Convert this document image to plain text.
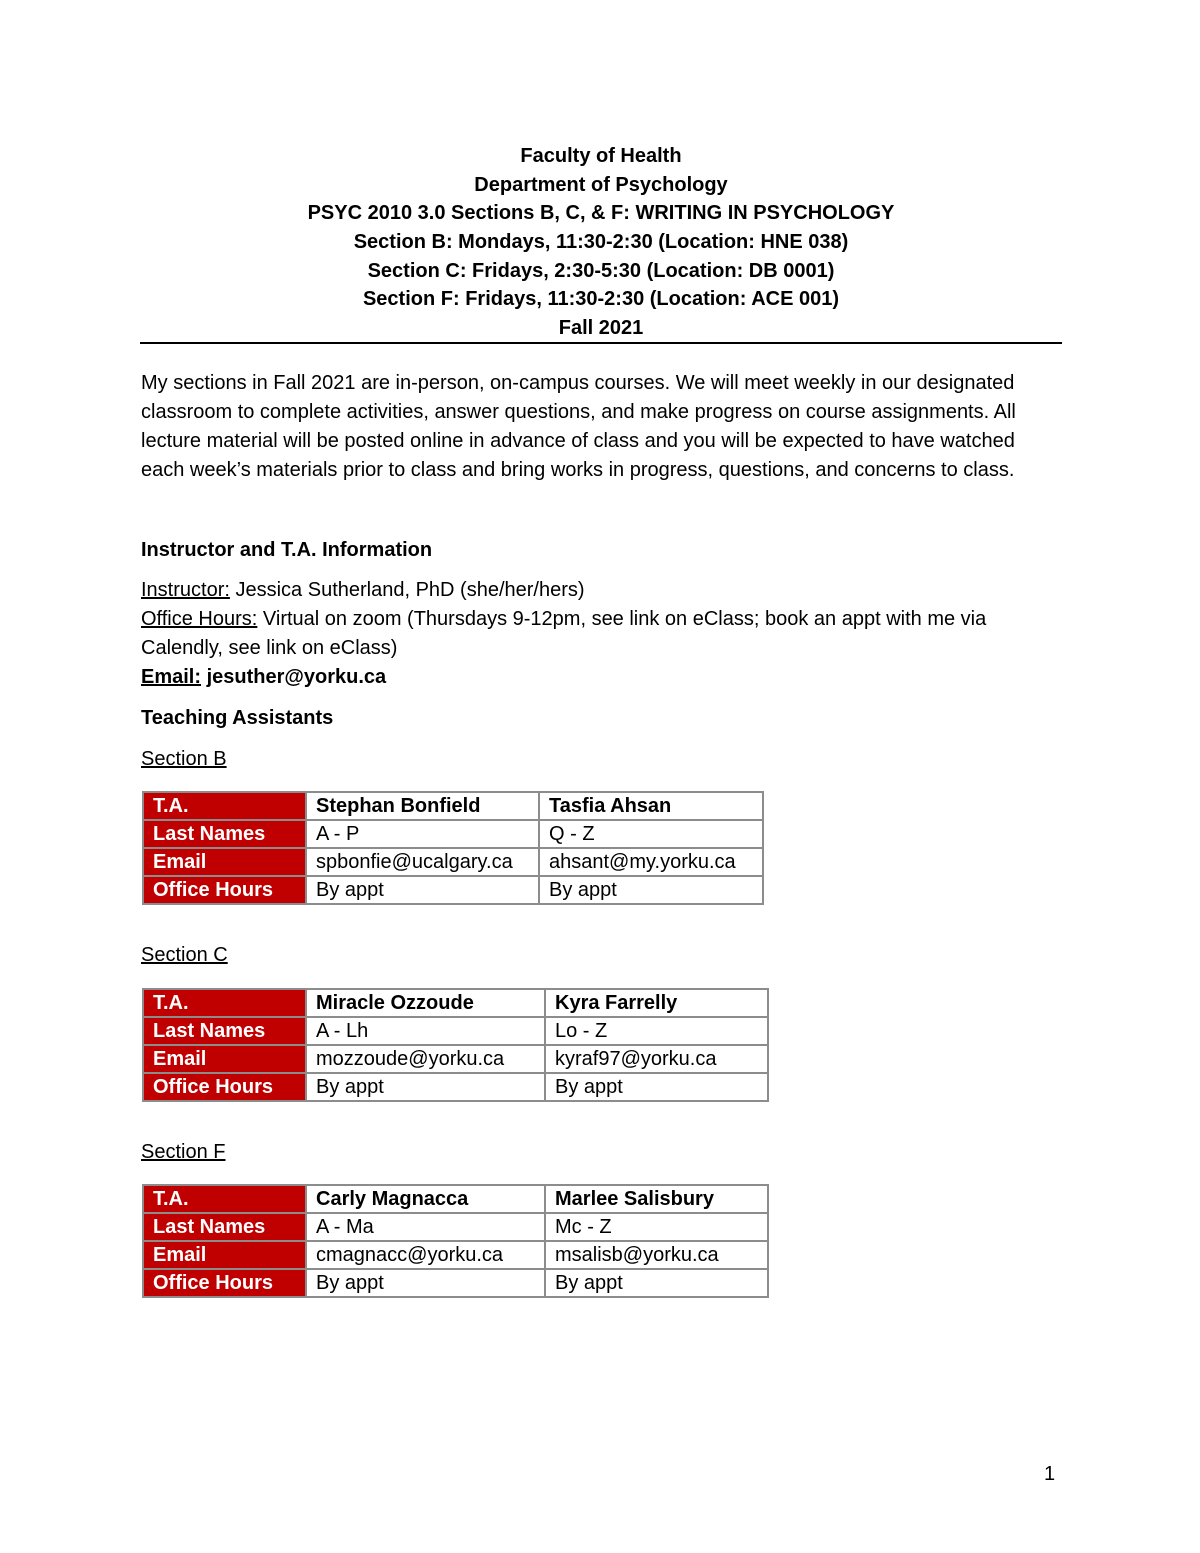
Faculty of Health
Department of Psychology
PSYC 2010 3.0 Sections B, C, & F: WRITING IN PSYCHOLOGY
Section B: Mondays, 11:30-2:30 (Location: HNE 038)
Section C: Fridays, 2:30-5:30 (Location: DB 0001)
Section F: Fridays, 11:30-2:30 (Location: ACE 001)
Fall 2021

My sections in Fall 2021 are in-person, on-campus courses. We will meet weekly in our designated classroom to complete activities, answer questions, and make progress on course assignments. All lecture material will be posted online in advance of class and you will be expected to have watched each week’s materials prior to class and bring works in progress, questions, and concerns to class.

Instructor and T.A. Information

Instructor: Jessica Sutherland, PhD (she/her/hers)

Office Hours: Virtual on zoom (Thursdays 9-12pm, see link on eClass; book an appt with me via Calendly, see link on eClass)

Email: jesuther@yorku.ca

Teaching Assistants
Section B
T.A.	Stephan Bonfield	Tasfia Ahsan
Last Names	A - P	Q - Z
Email	spbonfie@ucalgary.ca	ahsant@my.yorku.ca
Office Hours	By appt	By appt
Section C
T.A.	Miracle Ozzoude	Kyra Farrelly
Last Names	A - Lh	Lo - Z
Email	mozzoude@yorku.ca	kyraf97@yorku.ca
Office Hours	By appt	By appt
Section F
T.A.	Carly Magnacca	Marlee Salisbury
Last Names	A - Ma	Mc - Z
Email	cmagnacc@yorku.ca	msalisb@yorku.ca
Office Hours	By appt	By appt
1
